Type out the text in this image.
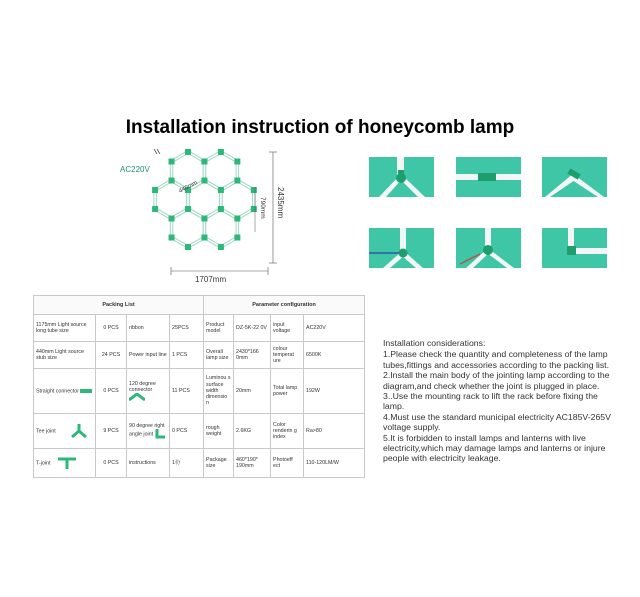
Installation instruction of honeycomb lamp
AC220V
440mm
790mm 2435mm
1707mm
Packing List				Parameter configuration			
1175mm Light source long tube size	0 PCS	ribbon	25PCS	Product model	DZ-5K-22 0V	input voltage	AC220V
440mm Light source stub size	24 PCS	Power input line	1 PCS	Overall lamp size	2430*166 0mm	colour temperat ure	6500K
Straight connector	0 PCS	120 degree connector	11 PCS	Luminou s surface width dimensio n	20mm	Total lamp power	192W
Tee joint	9 PCS	90 degree right angle joint	0 PCS	rough weight	2.6KG	Color renderin g index	Ra>80
T-joint	0 PCS	instructions	1份	Package size	460*190* 190mm	Photoeff ect	110-120LM/W

Installation considerations:

1.Please check the quantity and completeness of the lamp tubes,fittings and accessories according to the packing list.

2.Install the main body of the jointing lamp according to the diagram,and check whether the joint is plugged in place.

3..Use the mounting rack to lift the rack before fixing the lamp.

4.Must use the standard municipal electricity AC185V-265V voltage supply.

5.It is forbidden to install lamps and lanterns with live electricity,which may damage lamps and lanterns or injure people with electricity leakage.
